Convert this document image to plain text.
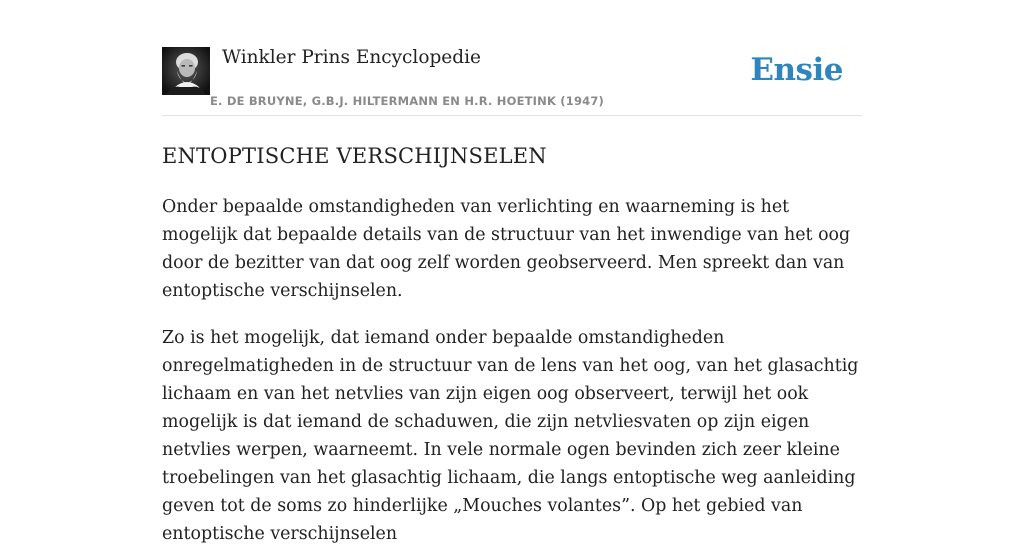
Winkler Prins Encyclopedie
E. DE BRUYNE, G.B.J. HILTERMANN EN H.R. HOETINK (1947)
Ensie
ENTOPTISCHE VERSCHIJNSELEN

Onder bepaalde omstandigheden van verlichting en waarneming is het mogelijk dat bepaalde details van de structuur van het inwendige van het oog door de bezitter van dat oog zelf worden geobserveerd. Men spreekt dan van entoptische verschijnselen.

Zo is het mogelijk, dat iemand onder bepaalde omstandigheden onregelmatigheden in de structuur van de lens van het oog, van het glasachtig lichaam en van het netvlies van zijn eigen oog observeert, terwijl het ook mogelijk is dat iemand de schaduwen, die zijn netvliesvaten op zijn eigen netvlies werpen, waarneemt. In vele normale ogen bevinden zich zeer kleine troebelingen van het glasachtig lichaam, die langs entoptische weg aanleiding geven tot de soms zo hinderlijke „Mouches volantes”. Op het gebied van entoptische verschijnselen
